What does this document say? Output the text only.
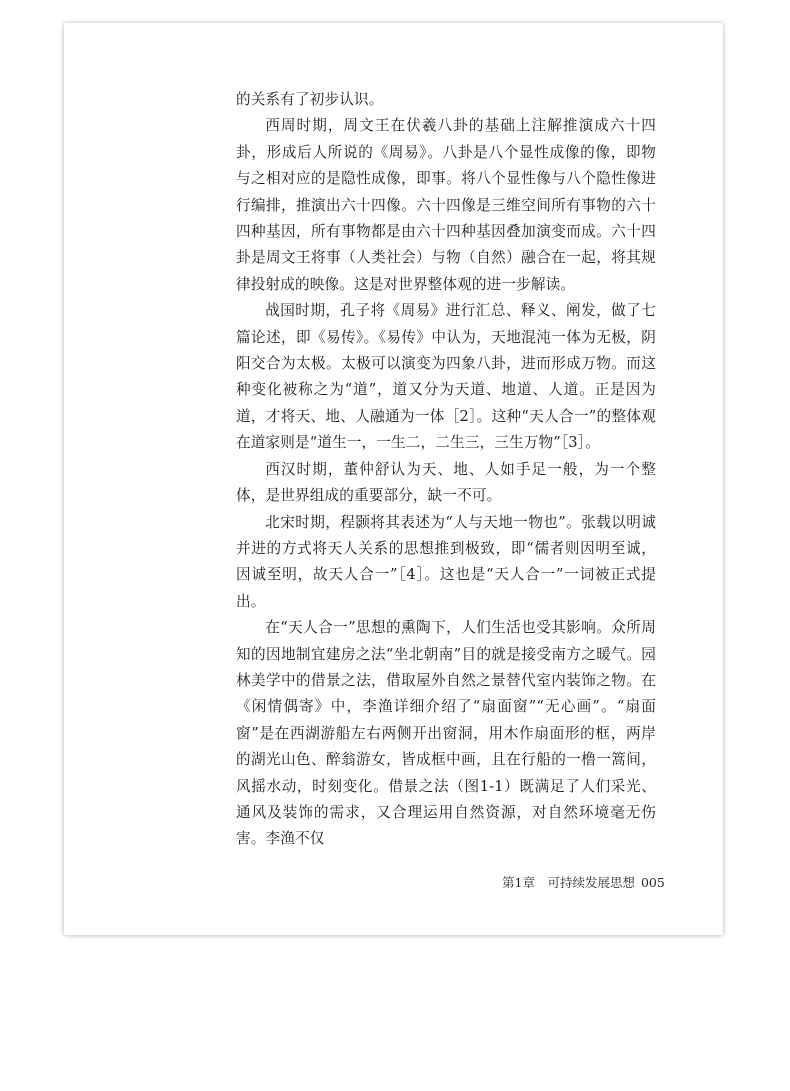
的关系有了初步认识。

西周时期，周文王在伏羲八卦的基础上注解推演成六十四卦，形成后人所说的《周易》。八卦是八个显性成像的像，即物与之相对应的是隐性成像，即事。将八个显性像与八个隐性像进行编排，推演出六十四像。六十四像是三维空间所有事物的六十四种基因，所有事物都是由六十四种基因叠加演变而成。六十四卦是周文王将事（人类社会）与物（自然）融合在一起，将其规律投射成的映像。这是对世界整体观的进一步解读。

战国时期，孔子将《周易》进行汇总、释义、阐发，做了七篇论述，即《易传》。《易传》中认为，天地混沌一体为无极，阴阳交合为太极。太极可以演变为四象八卦，进而形成万物。而这种变化被称之为“道”，道又分为天道、地道、人道。正是因为道，才将天、地、人融通为一体［2］。这种“天人合一”的整体观在道家则是“道生一，一生二，二生三，三生万物”［3］。

西汉时期，董仲舒认为天、地、人如手足一般，为一个整体，是世界组成的重要部分，缺一不可。

北宋时期，程颢将其表述为“人与天地一物也”。张载以明诚并进的方式将天人关系的思想推到极致，即“儒者则因明至诚，因诚至明，故天人合一”［4］。这也是“天人合一”一词被正式提出。

在“天人合一”思想的熏陶下，人们生活也受其影响。众所周知的因地制宜建房之法“坐北朝南”目的就是接受南方之暖气。园林美学中的借景之法，借取屋外自然之景替代室内装饰之物。在《闲情偶寄》中，李渔详细介绍了“扇面窗”“无心画”。“扇面窗”是在西湖游船左右两侧开出窗洞，用木作扇面形的框，两岸的湖光山色、醉翁游女，皆成框中画，且在行船的一橹一篙间，风摇水动，时刻变化。借景之法（图1-1）既满足了人们采光、通风及装饰的需求，又合理运用自然资源，对自然环境毫无伤害。李渔不仅

第1章　可持续发展思想 005
